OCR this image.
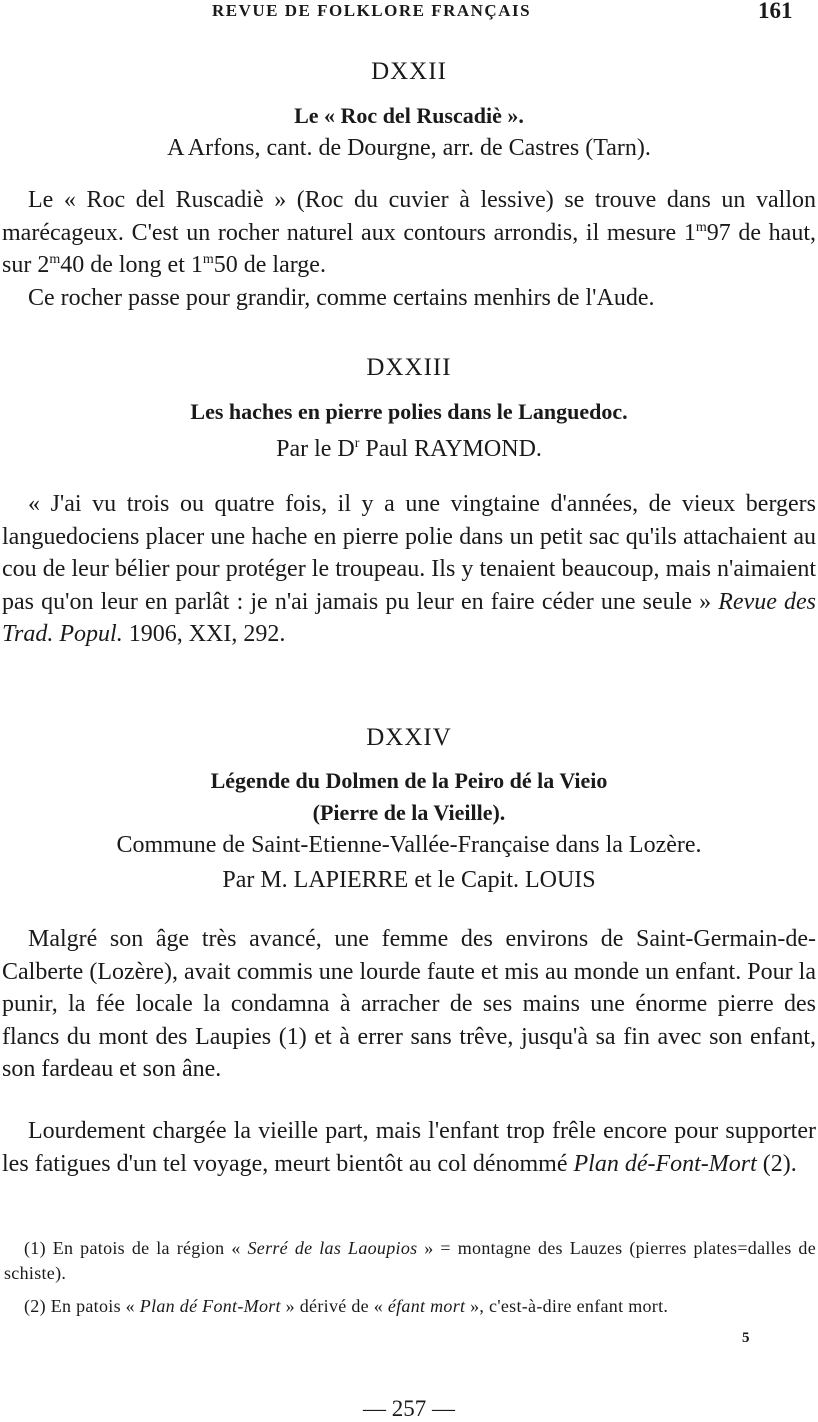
REVUE DE FOLKLORE FRANÇAIS	161
DXXII
Le « Roc del Ruscadiè ».
A Arfons, cant. de Dourgne, arr. de Castres (Tarn).

Le « Roc del Ruscadiè » (Roc du cuvier à lessive) se trouve dans un vallon marécageux. C'est un rocher naturel aux contours arrondis, il mesure 1$^m$97 de haut, sur 2$^m$40 de long et 1$^m$50 de large.

Ce rocher passe pour grandir, comme certains menhirs de l'Aude.

DXXIII
Les haches en pierre polies dans le Languedoc.
Par le $D^r$ Paul RAYMOND.

« J'ai vu trois ou quatre fois, il y a une vingtaine d'années, de vieux bergers languedociens placer une hache en pierre polie dans un petit sac qu'ils attachaient au cou de leur bélier pour protéger le troupeau. Ils y tenaient beaucoup, mais n'aimaient pas qu'on leur en parlât : je n'ai jamais pu leur en faire céder une seule » Revue des Trad. Popul. 1906, XXI, 292.

DXXIV
Légende du Dolmen de la Peiro dé la Vieio
(Pierre de la Vieille).
Commune de Saint-Etienne-Vallée-Française dans la Lozère.
Par M. LAPIERRE et le Capit. LOUIS

Malgré son âge très avancé, une femme des environs de Saint-Germain-de-Calberte (Lozère), avait commis une lourde faute et mis au monde un enfant. Pour la punir, la fée locale la condamna à arracher de ses mains une énorme pierre des flancs du mont des Laupies (1) et à errer sans trêve, jusqu'à sa fin avec son enfant, son fardeau et son âne.

Lourdement chargée la vieille part, mais l'enfant trop frêle encore pour supporter les fatigues d'un tel voyage, meurt bientôt au col dénommé Plan dé-Font-Mort (2).

(1) En patois de la région « Serré de las Laoupios » = montagne des Lauzes (pierres plates=dalles de schiste).

(2) En patois « Plan dé Font-Mort » dérivé de « éfant mort », c'est-à-dire enfant mort.

5
— 257 —
